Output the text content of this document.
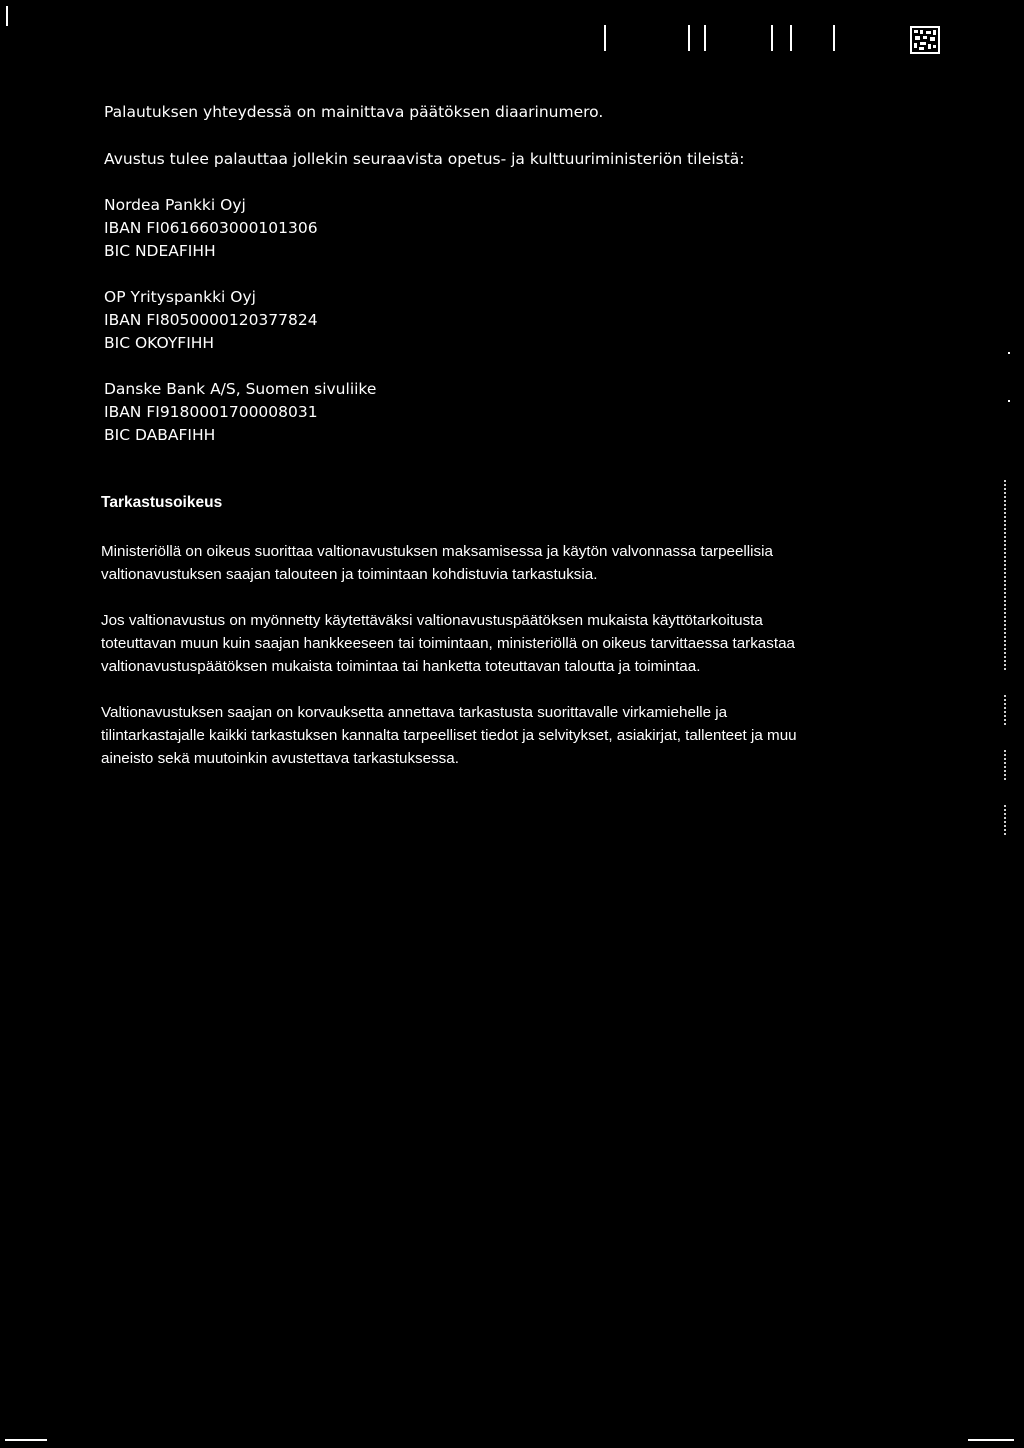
Palautuksen yhteydessä on mainittava päätöksen diaarinumero.
Avustus tulee palauttaa jollekin seuraavista opetus- ja kulttuuriministeriön tileistä:
Nordea Pankki Oyj
IBAN FI0616603000101306
BIC NDEAFIHH
OP Yrityspankki Oyj
IBAN FI8050000120377824
BIC OKOYFIHH
Danske Bank A/S, Suomen sivuliike
IBAN FI9180001700008031
BIC DABAFIHH
Tarkastusoikeus
Ministeriöllä on oikeus suorittaa valtionavustuksen maksamisessa ja käytön valvonnassa tarpeellisia
valtionavustuksen saajan talouteen ja toimintaan kohdistuvia tarkastuksia.
Jos valtionavustus on myönnetty käytettäväksi valtionavustuspäätöksen mukaista käyttötarkoitusta
toteuttavan muun kuin saajan hankkeeseen tai toimintaan, ministeriöllä on oikeus tarvittaessa tarkastaa
valtionavustuspäätöksen mukaista toimintaa tai hanketta toteuttavan taloutta ja toimintaa.
Valtionavustuksen saajan on korvauksetta annettava tarkastusta suorittavalle virkamiehelle ja
tilintarkastajalle kaikki tarkastuksen kannalta tarpeelliset tiedot ja selvitykset, asiakirjat, tallenteet ja muu
aineisto sekä muutoinkin avustettava tarkastuksessa.
